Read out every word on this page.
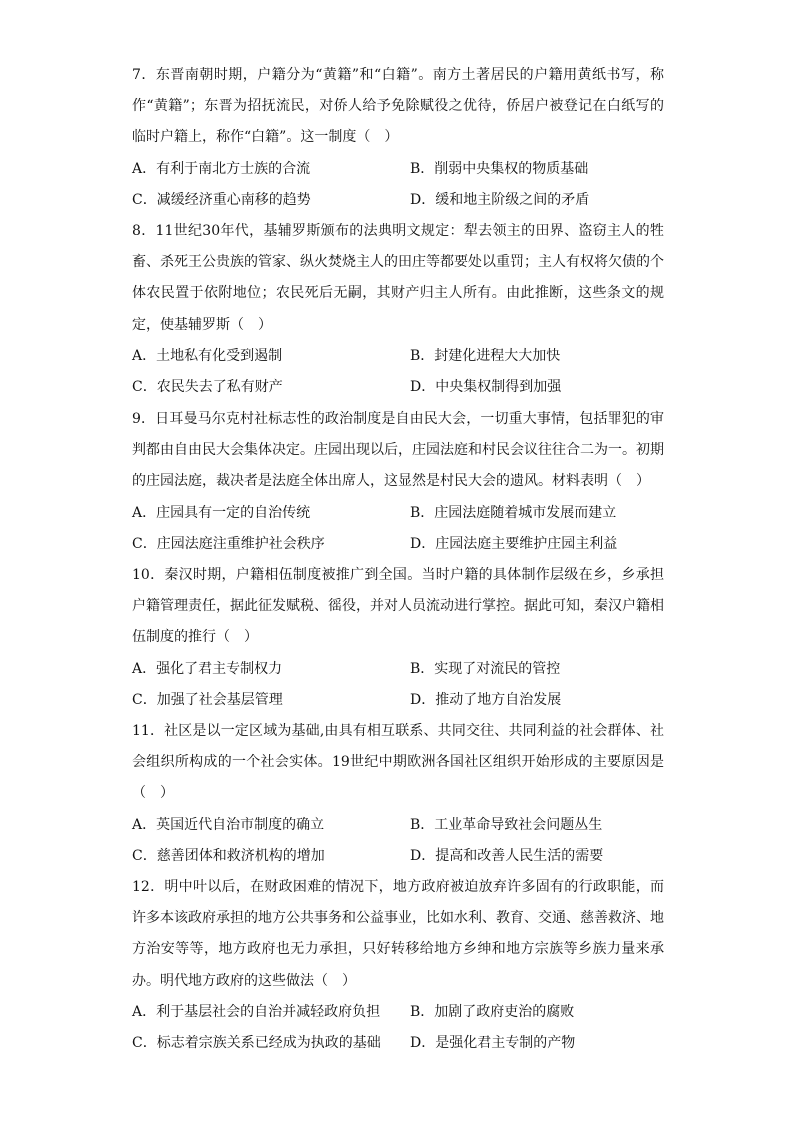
7．东晋南朝时期，户籍分为“黄籍”和“白籍”。南方土著居民的户籍用黄纸书写，称作“黄籍”；东晋为招抚流民，对侨人给予免除赋役之优待，侨居户被登记在白纸写的临时户籍上，称作“白籍”。这一制度（　）

A．有利于南北方士族的合流	B．削弱中央集权的物质基础
C．减缓经济重心南移的趋势	D．缓和地主阶级之间的矛盾

8．11世纪30年代，基辅罗斯颁布的法典明文规定：犁去领主的田界、盗窃主人的牲畜、杀死王公贵族的管家、纵火焚烧主人的田庄等都要处以重罚；主人有权将欠债的个体农民置于依附地位；农民死后无嗣，其财产归主人所有。由此推断，这些条文的规定，使基辅罗斯（　）

A．土地私有化受到遏制	B．封建化进程大大加快
C．农民失去了私有财产	D．中央集权制得到加强

9．日耳曼马尔克村社标志性的政治制度是自由民大会，一切重大事情，包括罪犯的审判都由自由民大会集体决定。庄园出现以后，庄园法庭和村民会议往往合二为一。初期的庄园法庭，裁决者是法庭全体出席人，这显然是村民大会的遗风。材料表明（　）

A．庄园具有一定的自治传统	B．庄园法庭随着城市发展而建立
C．庄园法庭注重维护社会秩序	D．庄园法庭主要维护庄园主利益

10．秦汉时期，户籍相伍制度被推广到全国。当时户籍的具体制作层级在乡，乡承担户籍管理责任，据此征发赋税、徭役，并对人员流动进行掌控。据此可知，秦汉户籍相伍制度的推行（　）

A．强化了君主专制权力	B．实现了对流民的管控
C．加强了社会基层管理	D．推动了地方自治发展

11．社区是以一定区域为基础,由具有相互联系、共同交往、共同利益的社会群体、社会组织所构成的一个社会实体。19世纪中期欧洲各国社区组织开始形成的主要原因是（　）

A．英国近代自治市制度的确立	B．工业革命导致社会问题丛生
C．慈善团体和救济机构的增加	D．提高和改善人民生活的需要

12．明中叶以后，在财政困难的情况下，地方政府被迫放弃许多固有的行政职能，而许多本该政府承担的地方公共事务和公益事业，比如水利、教育、交通、慈善救济、地方治安等等，地方政府也无力承担，只好转移给地方乡绅和地方宗族等乡族力量来承办。明代地方政府的这些做法（　）

A．利于基层社会的自治并减轻政府负担 B．加剧了政府吏治的腐败
C．标志着宗族关系已经成为执政的基础 D．是强化君主专制的产物
